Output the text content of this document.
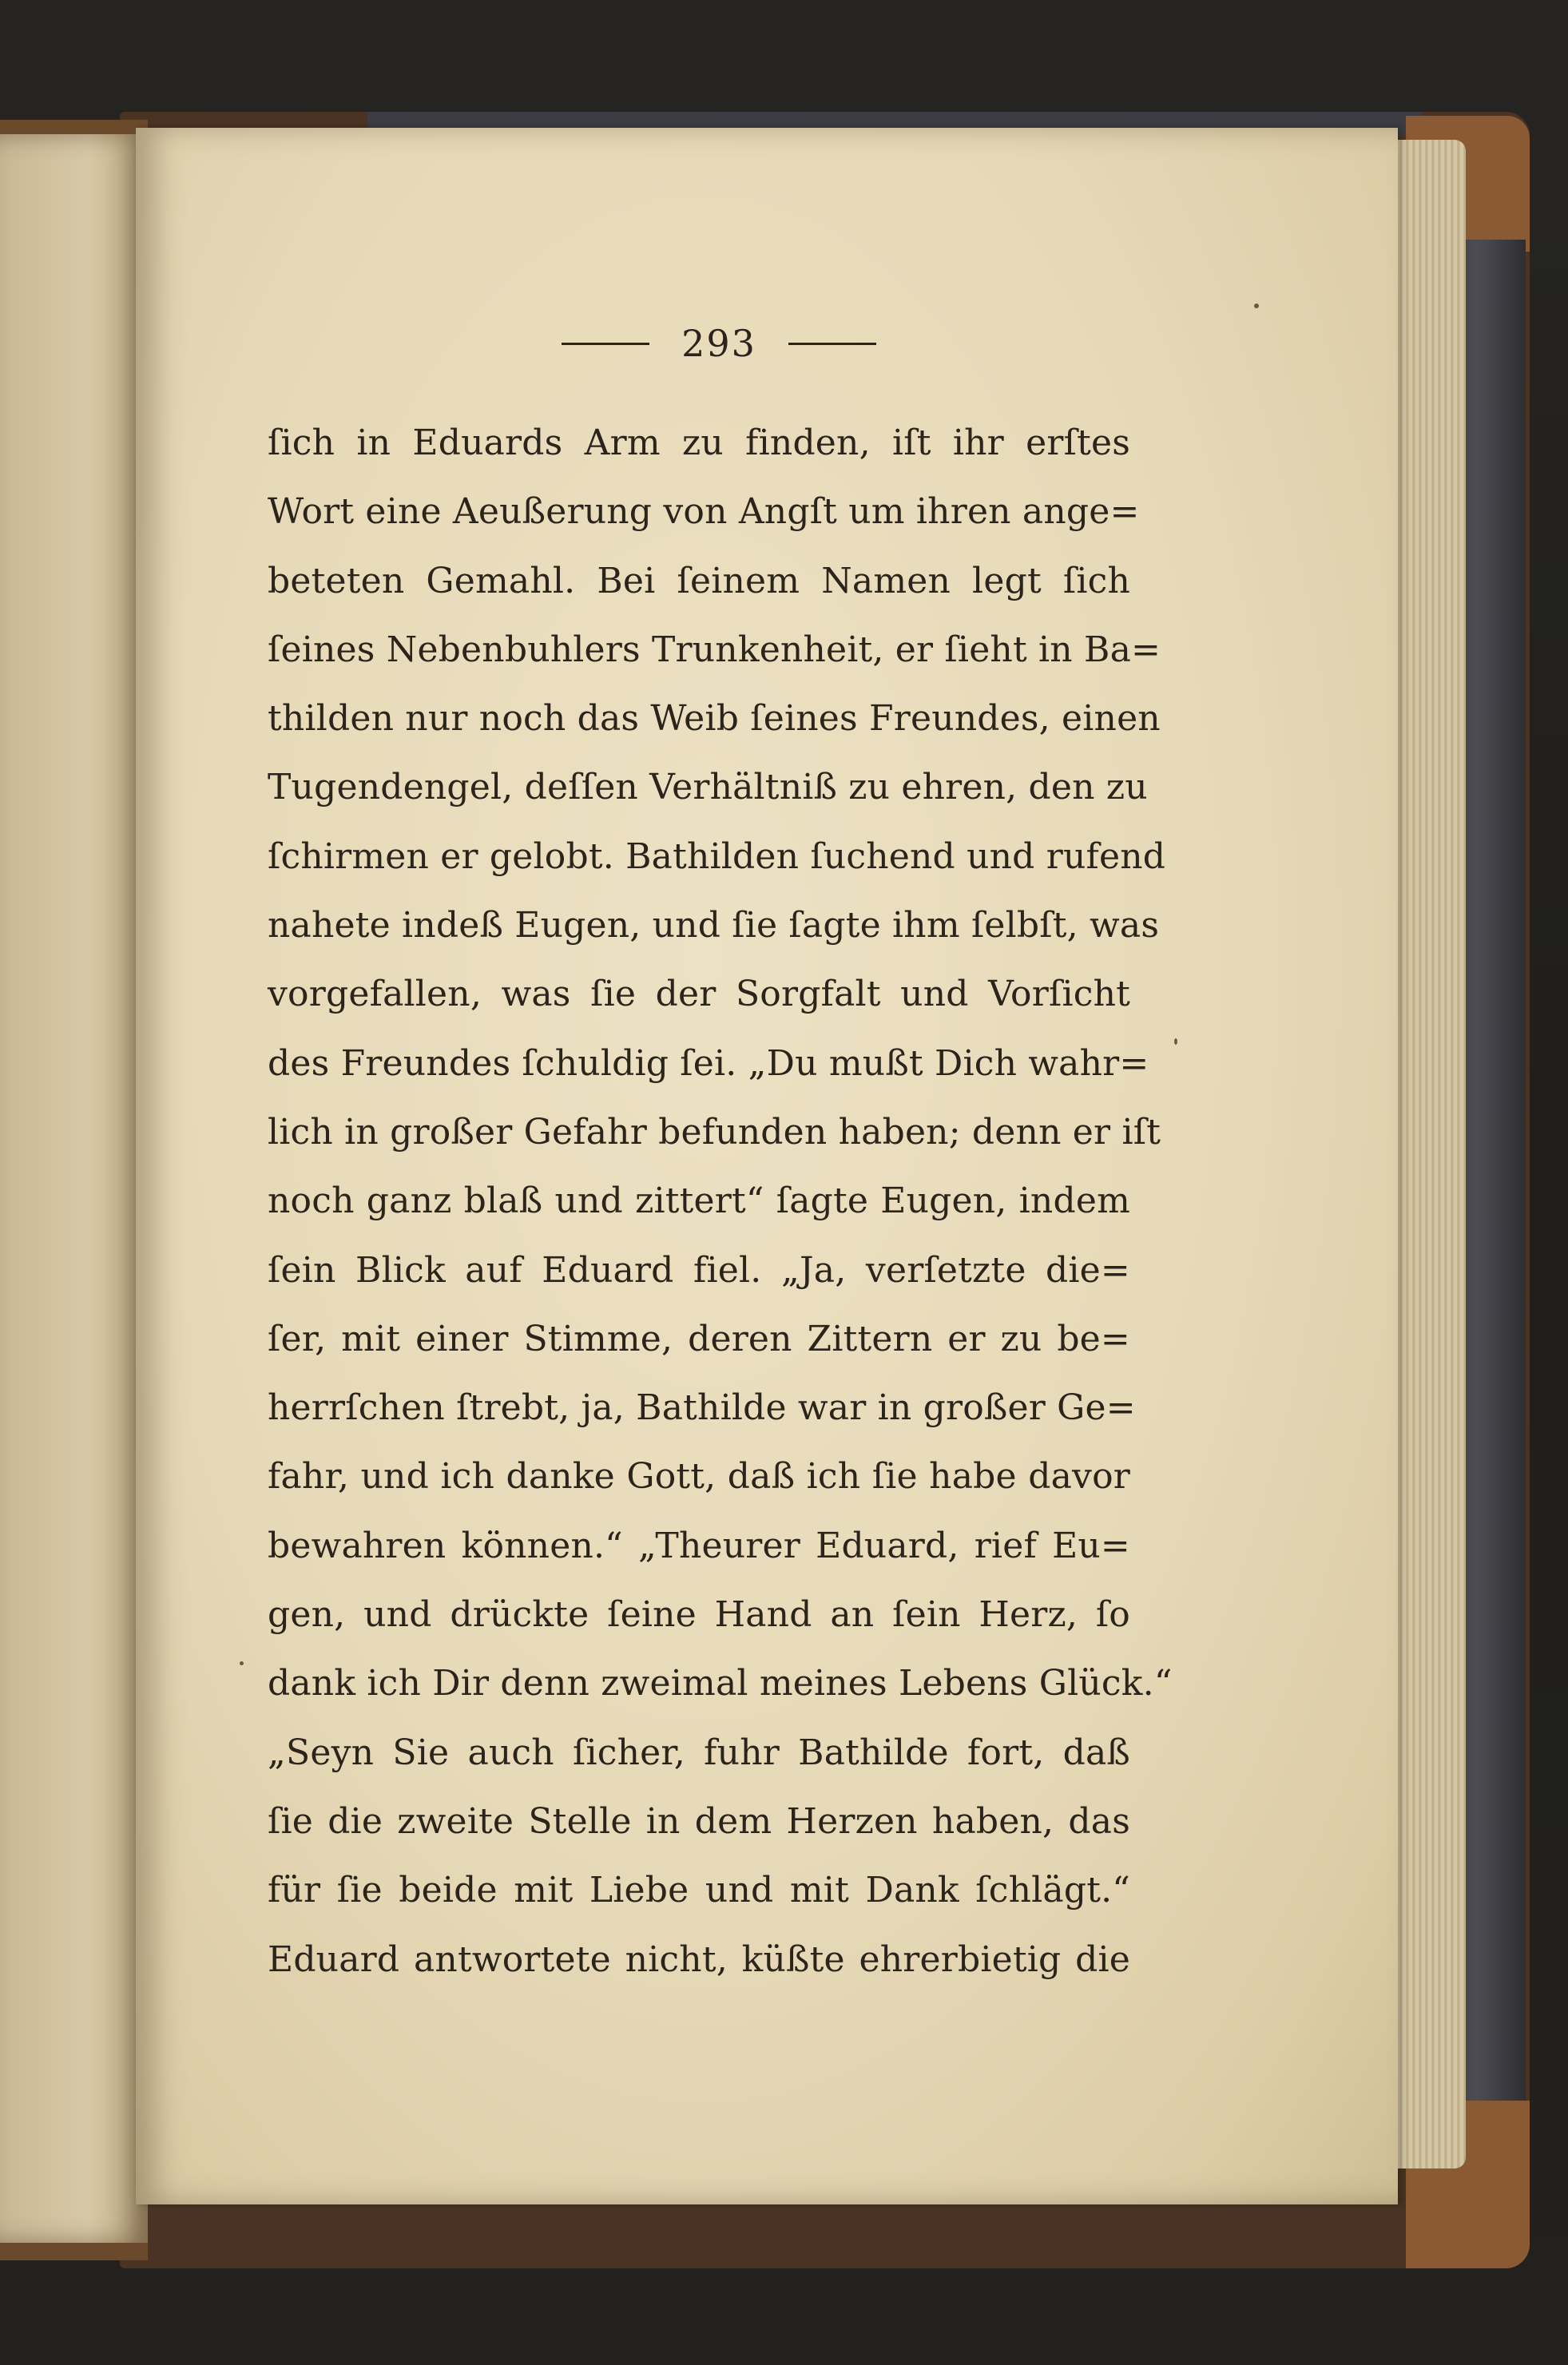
293
ſich in Eduards Arm zu finden, iſt ihr erſtes
Wort eine Aeußerung von Angſt um ihren ange=
beteten Gemahl. Bei ſeinem Namen legt ſich
ſeines Nebenbuhlers Trunkenheit, er ſieht in Ba=
thilden nur noch das Weib ſeines Freundes, einen
Tugendengel, deſſen Verhältniß zu ehren, den zu
ſchirmen er gelobt. Bathilden ſuchend und rufend
nahete indeß Eugen, und ſie ſagte ihm ſelbſt, was
vorgefallen, was ſie der Sorgfalt und Vorſicht
des Freundes ſchuldig ſei. „Du mußt Dich wahr=
lich in großer Gefahr befunden haben; denn er iſt
noch ganz blaß und zittert“ ſagte Eugen, indem
ſein Blick auf Eduard fiel. „Ja, verſetzte die=
ſer, mit einer Stimme, deren Zittern er zu be=
herrſchen ſtrebt, ja, Bathilde war in großer Ge=
fahr, und ich danke Gott, daß ich ſie habe davor
bewahren können.“ „Theurer Eduard, rief Eu=
gen, und drückte ſeine Hand an ſein Herz, ſo
dank ich Dir denn zweimal meines Lebens Glück.“
„Seyn Sie auch ſicher, fuhr Bathilde fort, daß
ſie die zweite Stelle in dem Herzen haben, das
für ſie beide mit Liebe und mit Dank ſchlägt.“
Eduard antwortete nicht, küßte ehrerbietig die
